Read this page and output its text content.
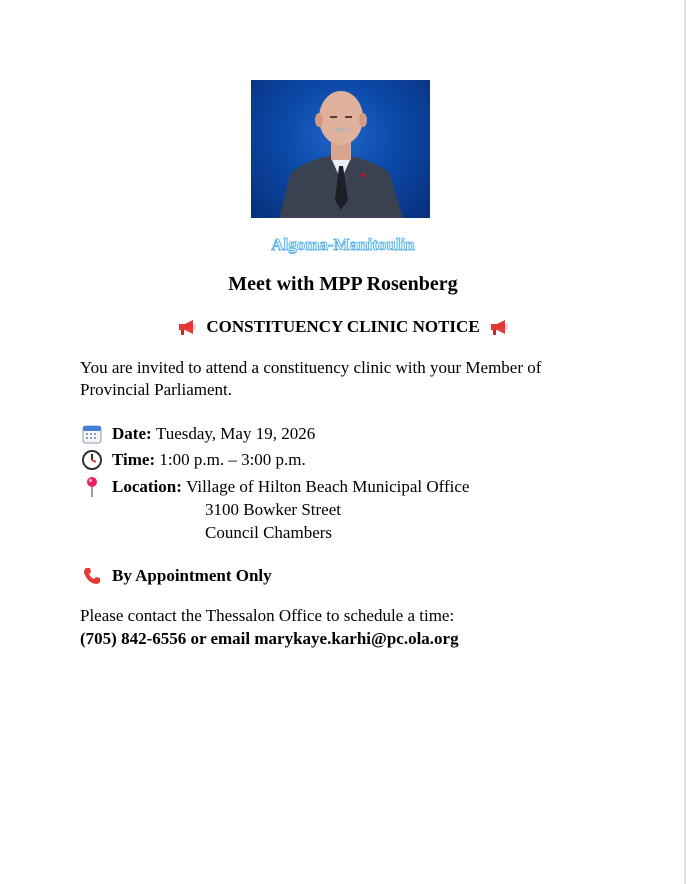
Algoma-Manitoulin
Meet with MPP Rosenberg
CONSTITUENCY CLINIC NOTICE
You are invited to attend a constituency clinic with your Member of Provincial Parliament.
Date:
Tuesday, May 19, 2026
Time:
1:00 p.m. – 3:00 p.m.
Location:
Village of Hilton Beach Municipal Office
3100 Bowker Street
Council Chambers
By Appointment Only
Please contact the Thessalon Office to schedule a time:
(705) 842-6556 or email marykaye.karhi@pc.ola.org
